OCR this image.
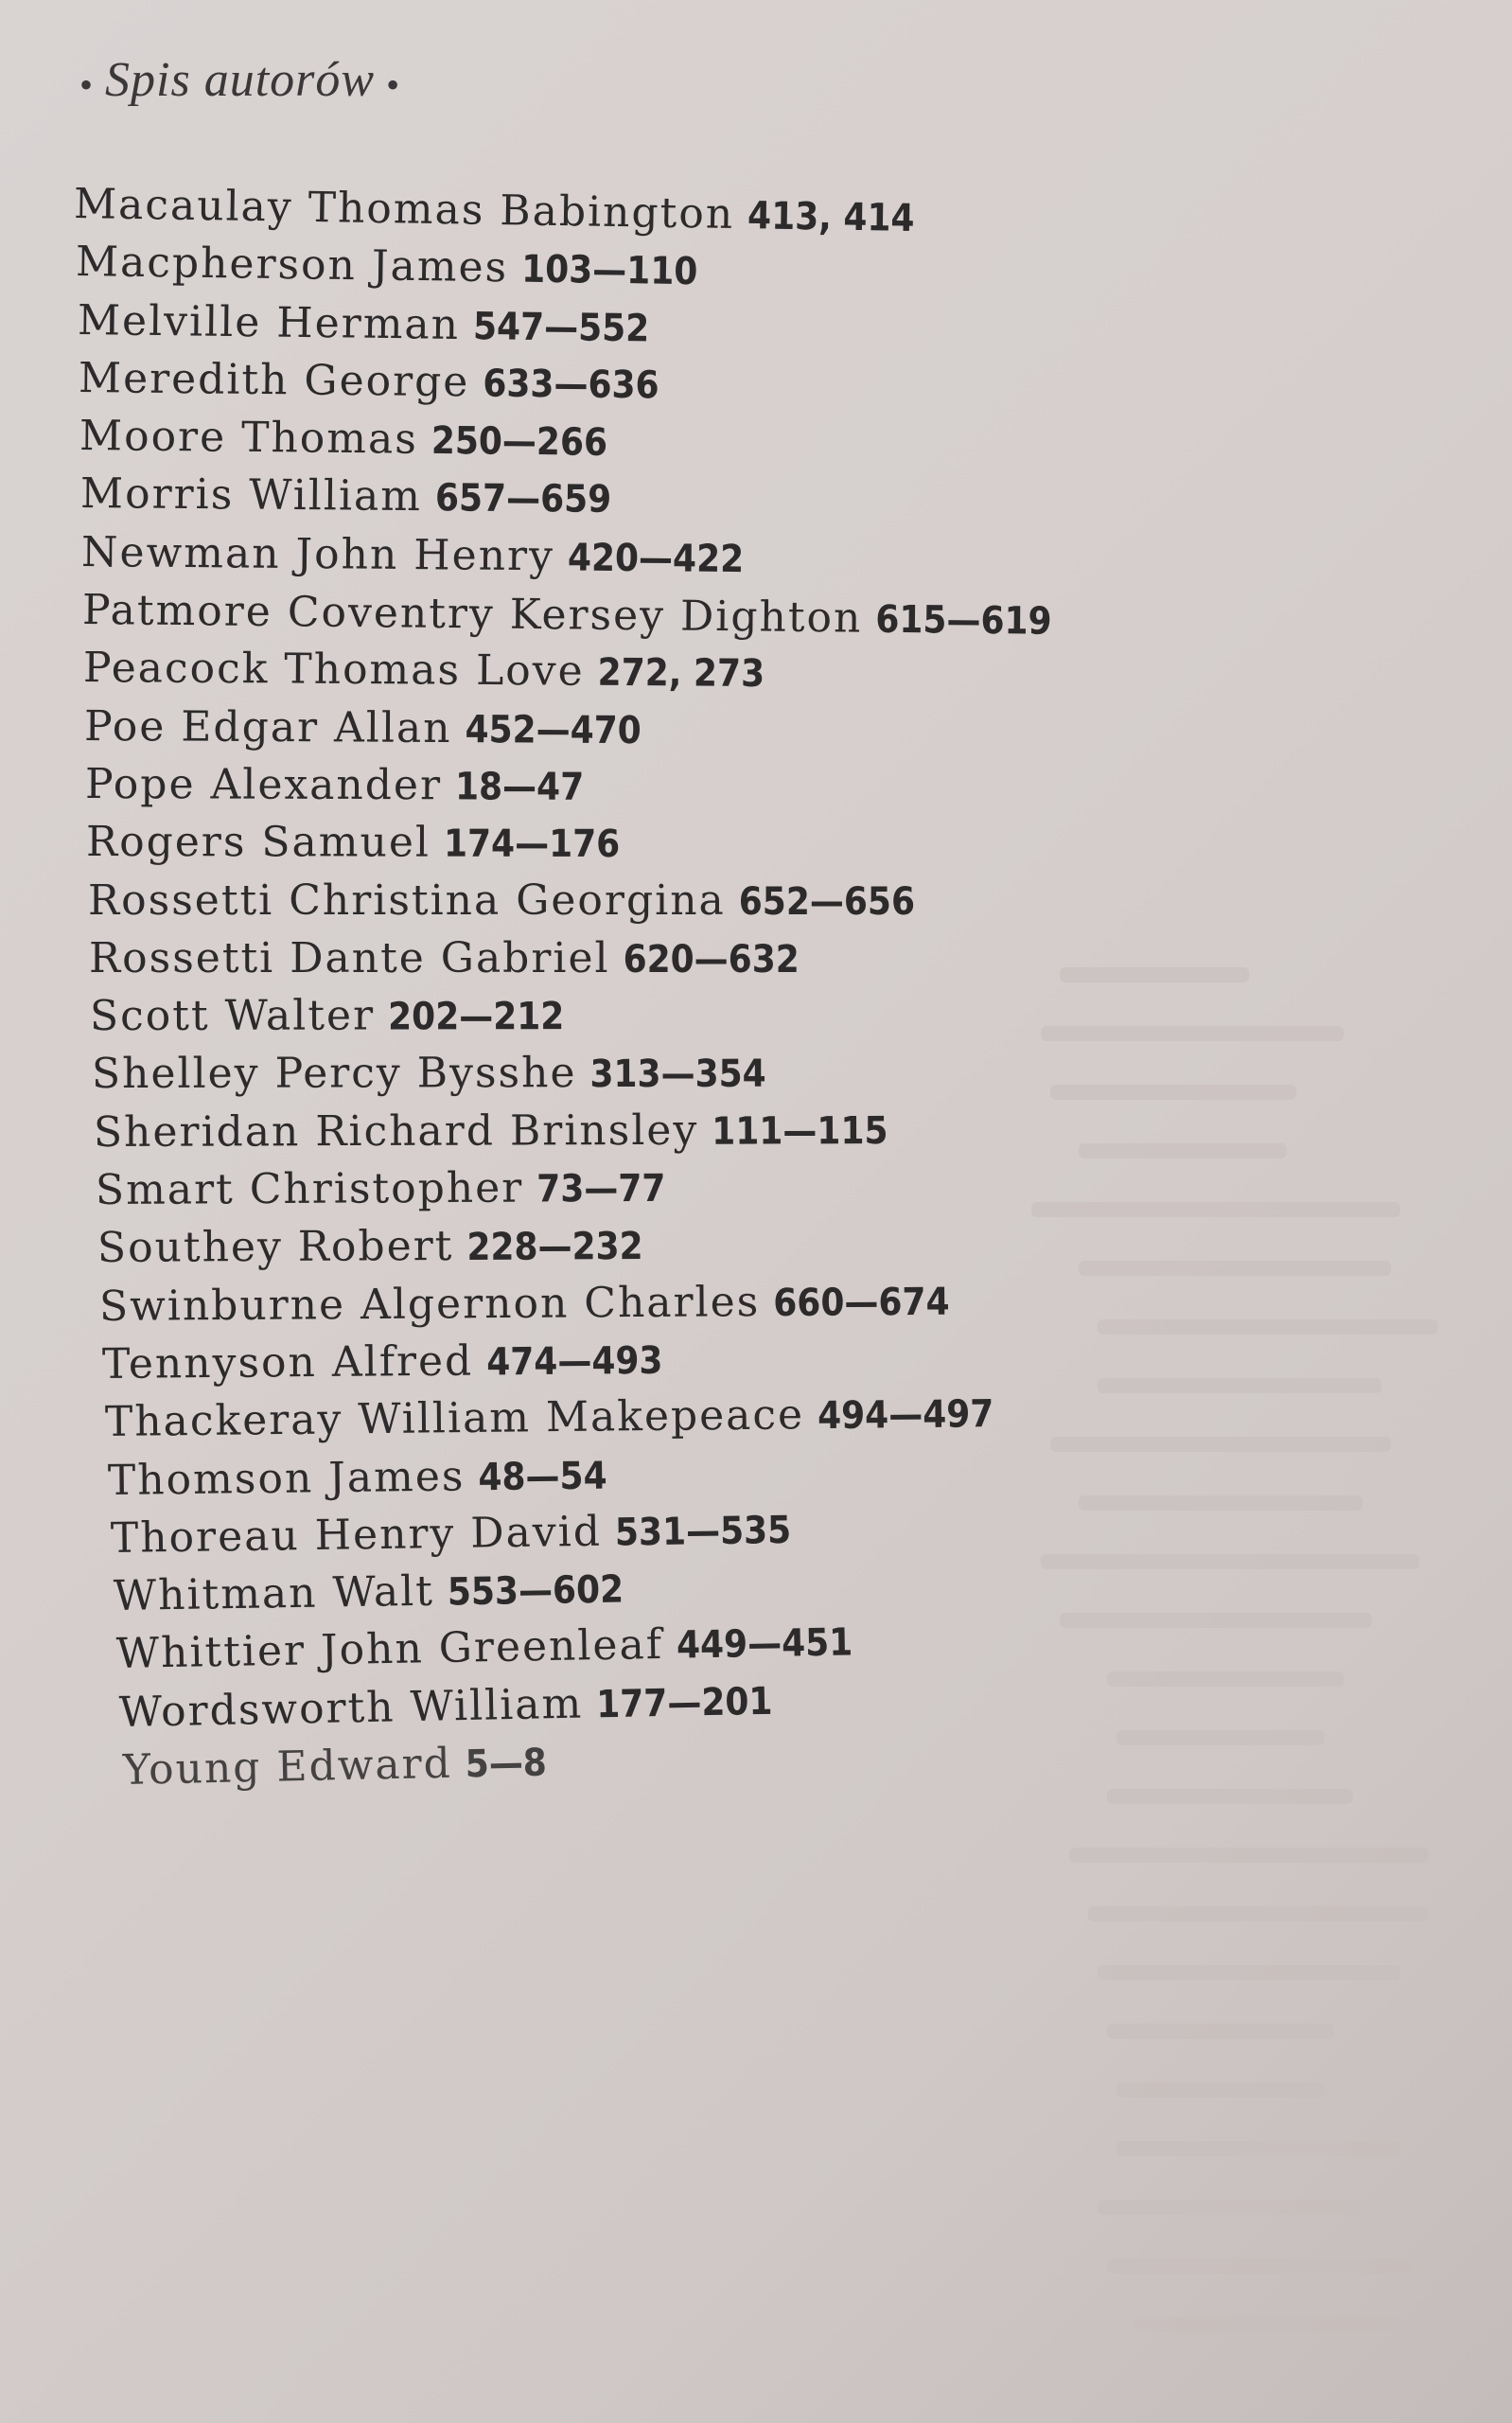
• Spis autorów •
Macaulay Thomas Babington 413, 414
Macpherson James 103—110
Melville Herman 547—552
Meredith George 633—636
Moore Thomas 250—266
Morris William 657—659
Newman John Henry 420—422
Patmore Coventry Kersey Dighton 615—619
Peacock Thomas Love 272, 273
Poe Edgar Allan 452—470
Pope Alexander 18—47
Rogers Samuel 174—176
Rossetti Christina Georgina 652—656
Rossetti Dante Gabriel 620—632
Scott Walter 202—212
Shelley Percy Bysshe 313—354
Sheridan Richard Brinsley 111—115
Smart Christopher 73—77
Southey Robert 228—232
Swinburne Algernon Charles 660—674
Tennyson Alfred 474—493
Thackeray William Makepeace 494—497
Thomson James 48—54
Thoreau Henry David 531—535
Whitman Walt 553—602
Whittier John Greenleaf 449—451
Wordsworth William 177—201
Young Edward 5—8
